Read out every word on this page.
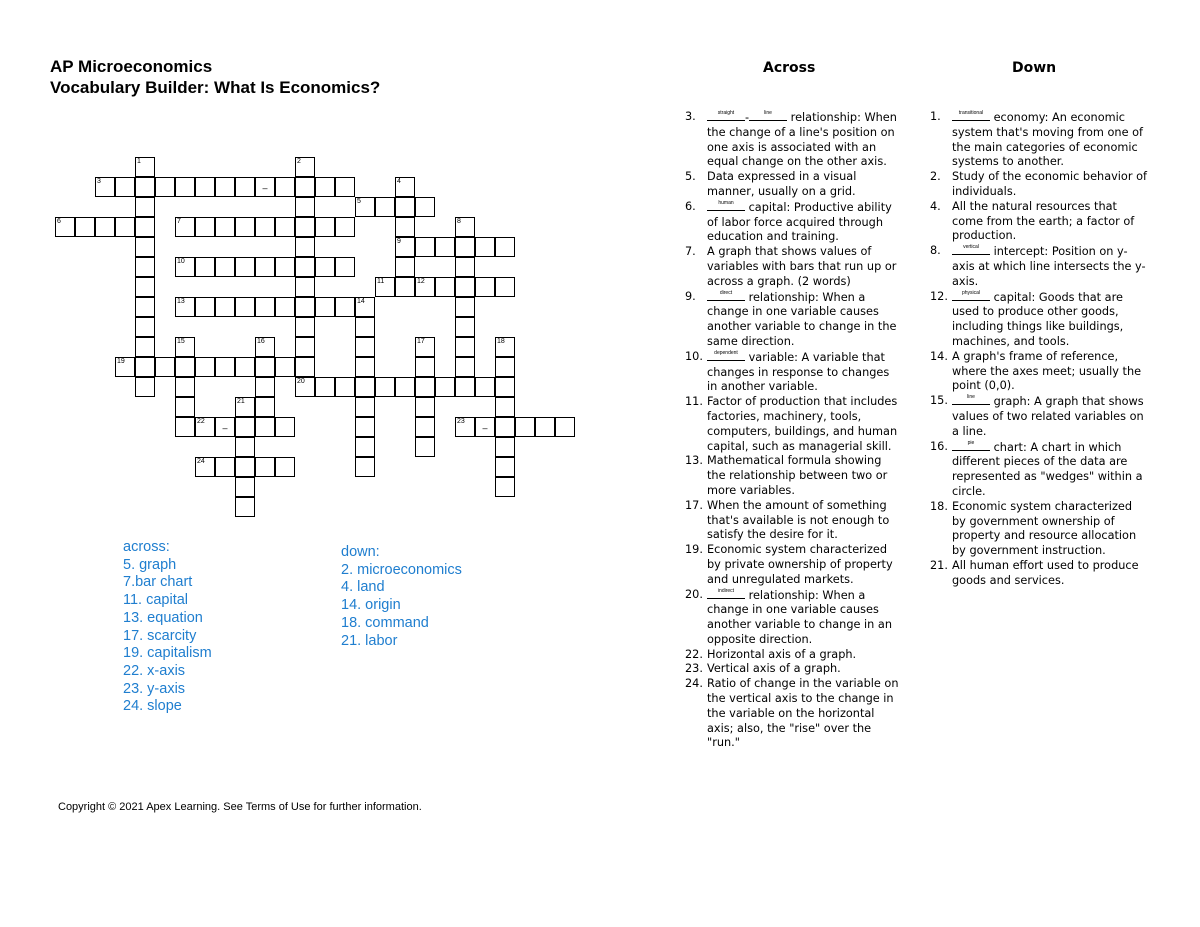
AP Microeconomics
Vocabulary Builder: What Is Economics?
3
–
5
6	7
9
10
11	12
13
19
20
22
–
23
–
24
1	2
4
8
14
15	16	17	18
21
across:
5. graph
7.bar chart
11. capital
13. equation
17. scarcity
19. capitalism
22. x-axis
23. y-axis
24. slope
down:
2. microeconomics
4. land
14. origin
18. command
21. labor
Copyright © 2021 Apex Learning. See Terms of Use for further information.
Across	Down
3.	straight -	line	relationship: When the change of a line's position on one axis is associated with an equal change on the other axis.
5. Data expressed in a visual manner, usually on a grid.
6.	human	capital: Productive ability of labor force acquired through education and training.
7. A graph that shows values of variables with bars that run up or across a graph. (2 words)
9.	direct	relationship: When a change in one variable causes another variable to change in the same direction.
10.	dependent variable: A variable that changes in response to changes in another variable.
11. Factor of production that includes factories, machinery, tools, computers, buildings, and human capital, such as managerial skill.
13. Mathematical formula showing the relationship between two or more variables.
17. When the amount of something that's available is not enough to satisfy the desire for it.
19. Economic system characterized by private ownership of property and unregulated markets.
20.	indirect relationship: When a change in one variable causes another variable to change in an opposite direction.
22. Horizontal axis of a graph.
23. Vertical axis of a graph.
24. Ratio of change in the variable on the vertical axis to the change in the variable on the horizontal axis; also, the "rise" over the "run."
1.	transitional economy: An economic system that's moving from one of the main categories of economic systems to another.
2. Study of the economic behavior of individuals.
4. All the natural resources that come from the earth; a factor of production.
8.	vertical intercept: Position on y-axis at which line intersects the y-axis.
12.	physical capital: Goods that are used to produce other goods, including things like buildings, machines, and tools.
14. A graph's frame of reference, where the axes meet; usually the point (0,0).
15.	line	graph: A graph that shows values of two related variables on a line.
16.	pie	chart: A chart in which different pieces of the data are represented as "wedges" within a circle.
18. Economic system characterized by government ownership of property and resource allocation by government instruction.
21. All human effort used to produce goods and services.
